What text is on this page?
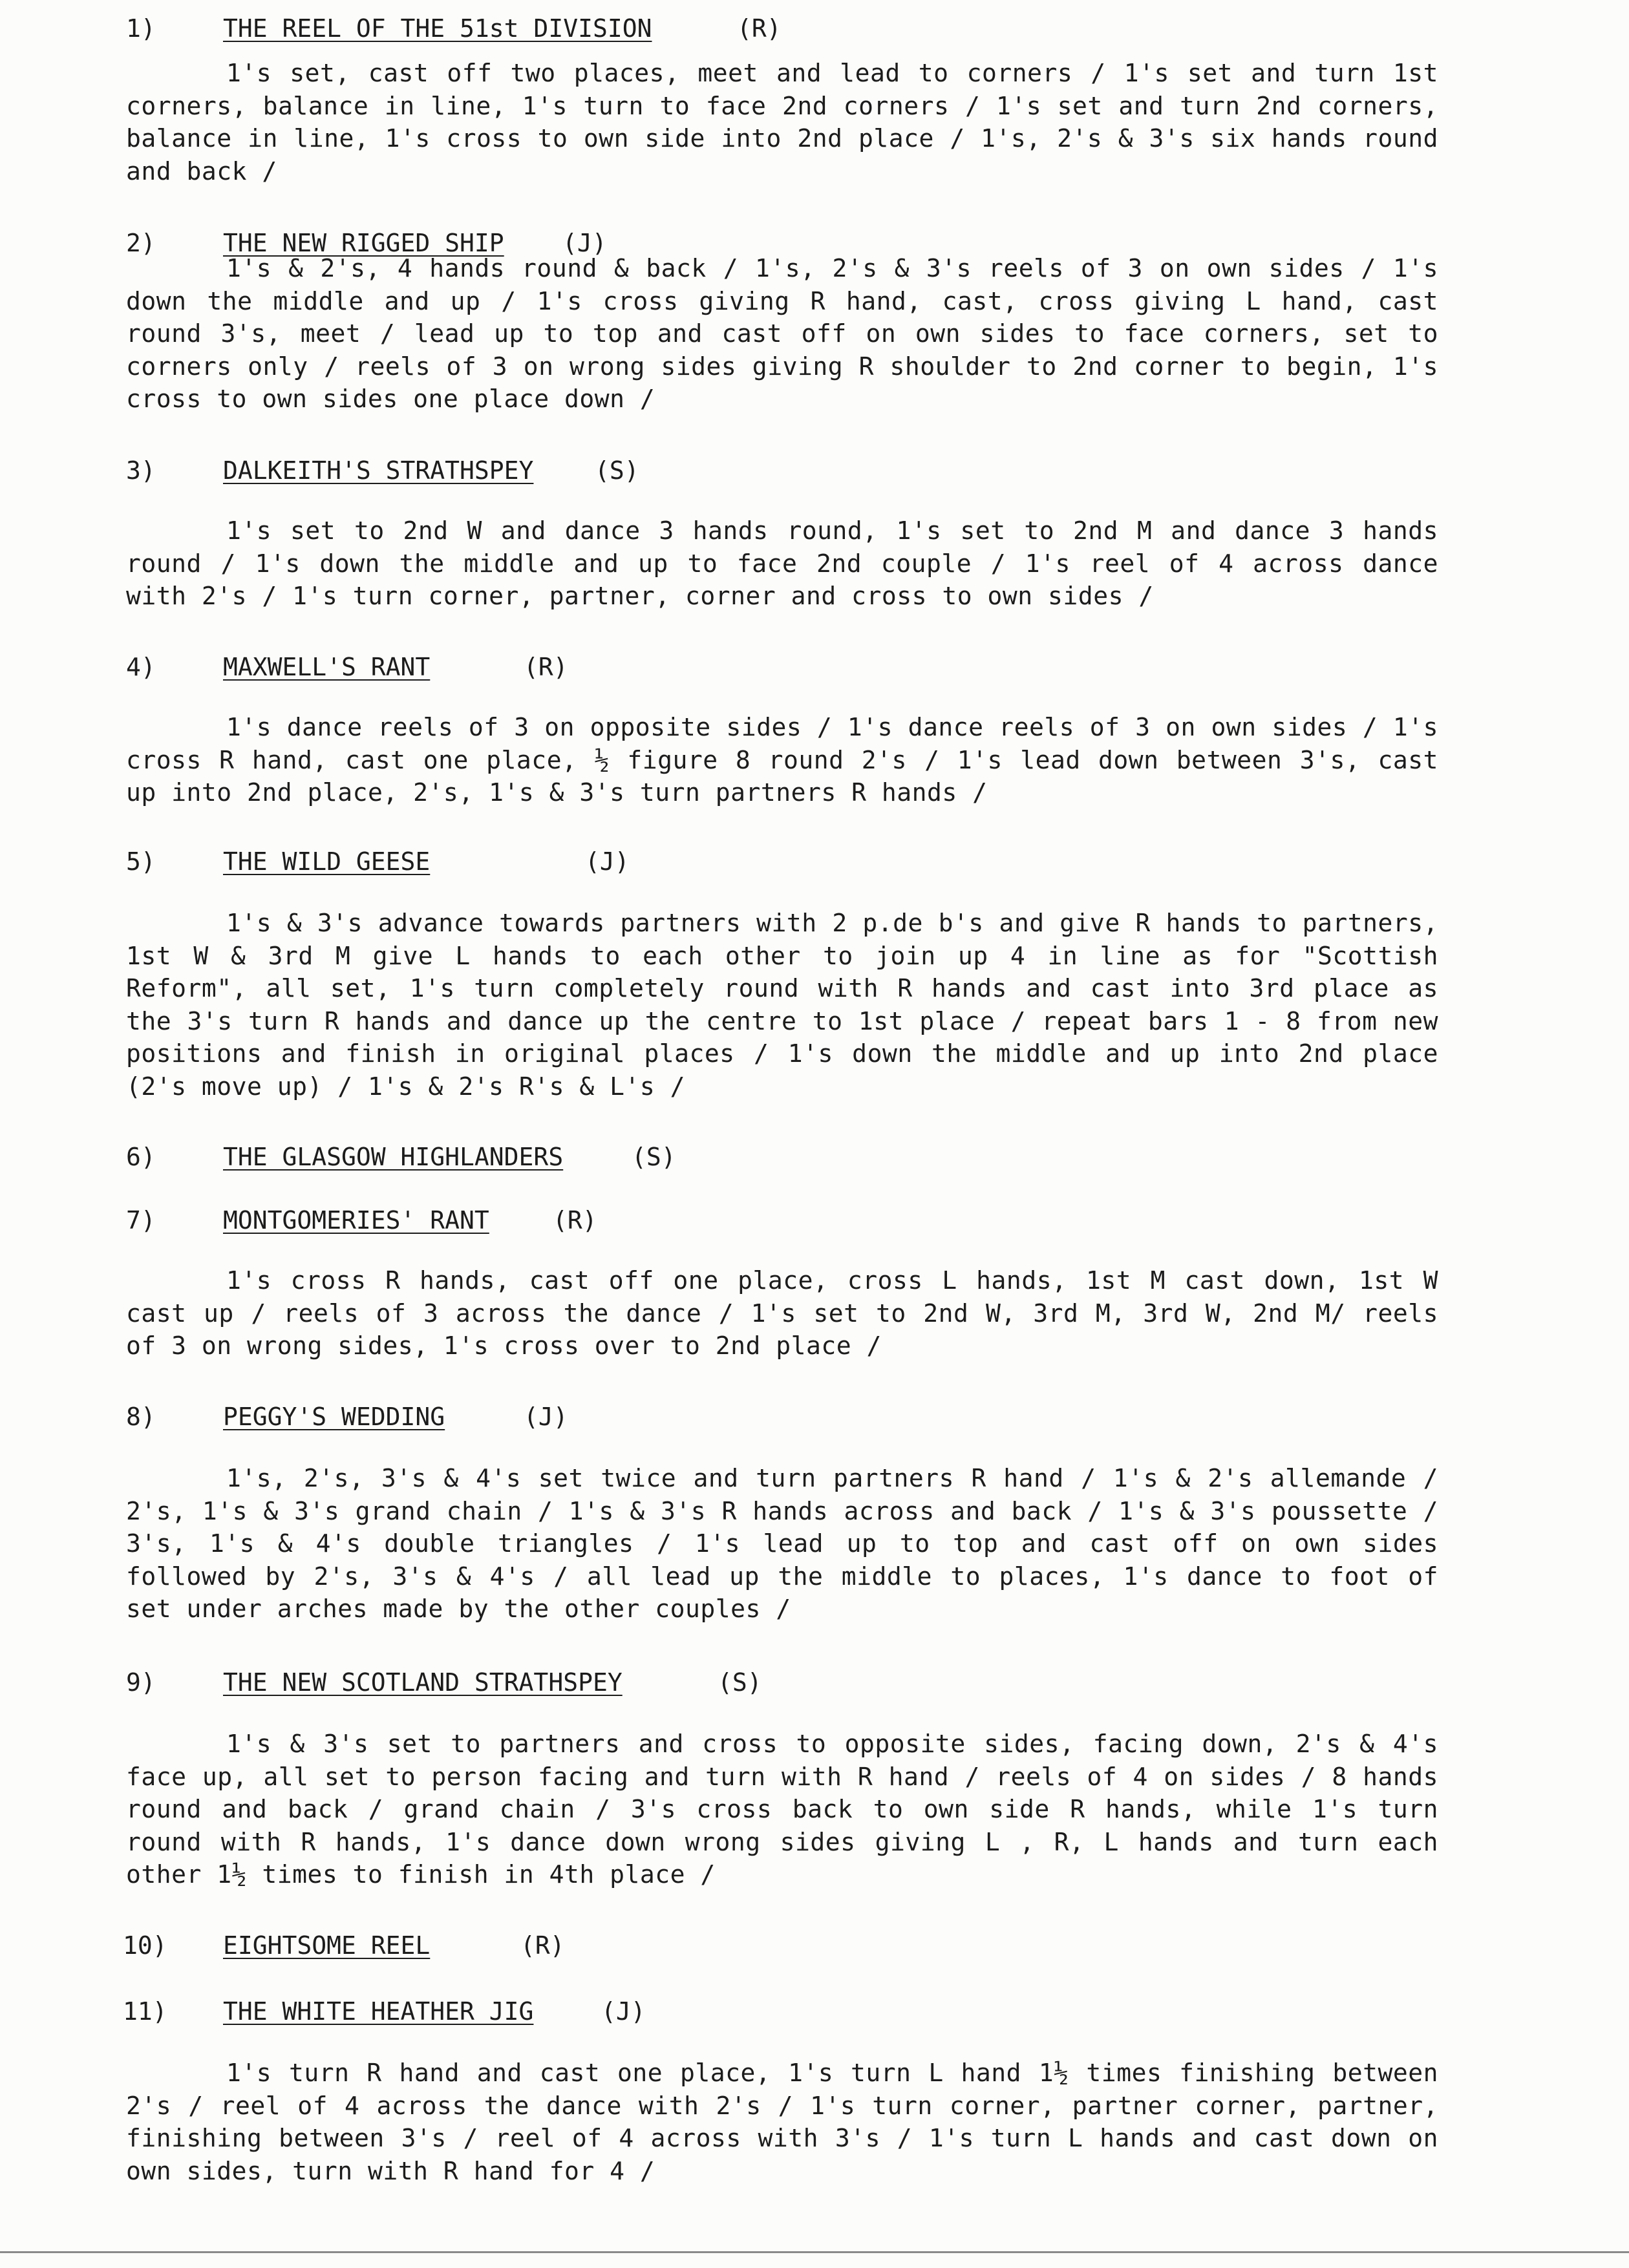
1)	THE REEL OF THE 51st DIVISION	(R)
1's set, cast off two places, meet and lead to corners / 1's set and turn 1st corners, balance in line, 1's turn to face 2nd corners / 1's set and turn 2nd corners, balance in line, 1's cross to own side into 2nd place / 1's, 2's & 3's six hands round and back /
2)	THE NEW RIGGED SHIP (J)
1's & 2's, 4 hands round & back / 1's, 2's & 3's reels of 3 on own sides / 1's down the middle and up / 1's cross giving R hand, cast, cross giving L hand, cast round 3's, meet / lead up to top and cast off on own sides to face corners, set to corners only / reels of 3 on wrong sides giving R shoulder to 2nd corner to begin, 1's cross to own sides one place down /
3)	DALKEITH'S STRATHSPEY (S)
1's set to 2nd W and dance 3 hands round, 1's set to 2nd M and dance 3 hands round / 1's down the middle and up to face 2nd couple / 1's reel of 4 across dance with 2's / 1's turn corner, partner, corner and cross to own sides /
4)	MAXWELL'S RANT	(R)
1's dance reels of 3 on opposite sides / 1's dance reels of 3 on own sides / 1's cross R hand, cast one place, ½ figure 8 round 2's / 1's lead down between 3's, cast up into 2nd place, 2's, 1's & 3's turn partners R hands /
5)	THE WILD GEESE	(J)
1's & 3's advance towards partners with 2 p.de b's and give R hands to partners, 1st W & 3rd M give L hands to each other to join up 4 in line as for "Scottish Reform", all set, 1's turn completely round with R hands and cast into 3rd place as the 3's turn R hands and dance up the centre to 1st place / repeat bars 1 - 8 from new positions and finish in original places / 1's down the middle and up into 2nd place (2's move up) / 1's & 2's R's & L's /
6)	THE GLASGOW HIGHLANDERS	(S)
7)	MONTGOMERIES' RANT	(R)
1's cross R hands, cast off one place, cross L hands, 1st M cast down, 1st W cast up / reels of 3 across the dance / 1's set to 2nd W, 3rd M, 3rd W, 2nd M/ reels of 3 on wrong sides, 1's cross over to 2nd place /
8)	PEGGY'S WEDDING	(J)
1's, 2's, 3's & 4's set twice and turn partners R hand / 1's & 2's allemande / 2's, 1's & 3's grand chain / 1's & 3's R hands across and back / 1's & 3's poussette / 3's, 1's & 4's double triangles / 1's lead up to top and cast off on own sides followed by 2's, 3's & 4's / all lead up the middle to places, 1's dance to foot of set under arches made by the other couples /
9)	THE NEW SCOTLAND STRATHSPEY	(S)
1's & 3's set to partners and cross to opposite sides, facing down, 2's & 4's face up, all set to person facing and turn with R hand / reels of 4 on sides / 8 hands round and back / grand chain / 3's cross back to own side R hands, while 1's turn round with R hands, 1's dance down wrong sides giving L , R, L hands and turn each other 1½ times to finish in 4th place /
10) EIGHTSOME REEL	(R)
11) THE WHITE HEATHER JIG	(J)
1's turn R hand and cast one place, 1's turn L hand 1½ times finishing between 2's / reel of 4 across the dance with 2's / 1's turn corner, partner corner, partner, finishing between 3's / reel of 4 across with 3's / 1's turn L hands and cast down on own sides, turn with R hand for 4 /
